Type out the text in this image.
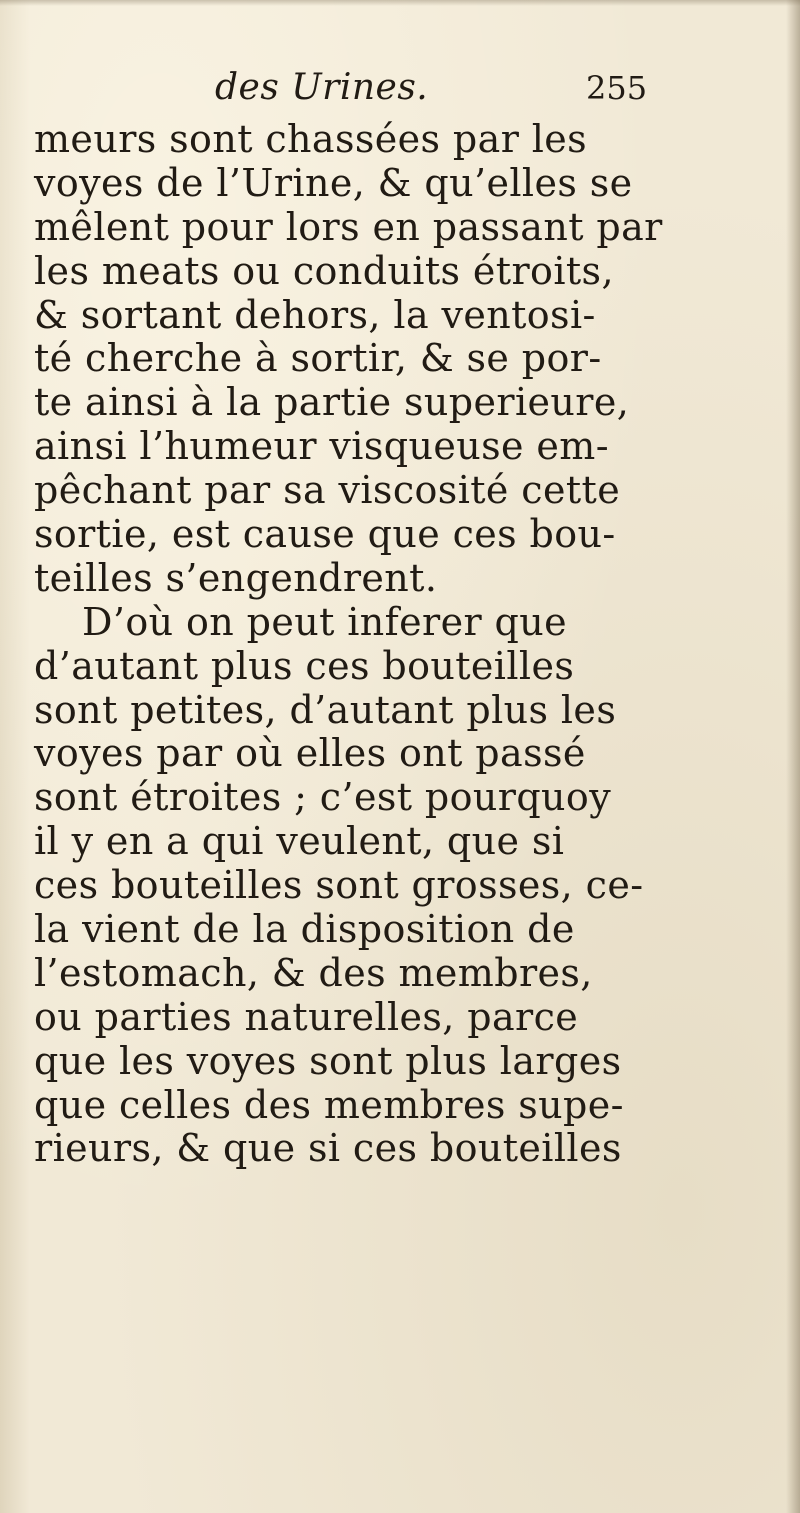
des Urines.	255
meurs sont chassées par les
voyes de l’Urine, & qu’elles se
mêlent pour lors en passant par
les meats ou conduits étroits,
& sortant dehors, la ventosi-
té cherche à sortir, & se por-
te ainsi à la partie superieure,
ainsi l’humeur visqueuse em-
pêchant par sa viscosité cette
sortie, est cause que ces bou-
teilles s’engendrent.
D’où on peut inferer que
d’autant plus ces bouteilles
sont petites, d’autant plus les
voyes par où elles ont passé
sont étroites ; c’est pourquoy
il y en a qui veulent, que si
ces bouteilles sont grosses, ce-
la vient de la disposition de
l’estomach, & des membres,
ou parties naturelles, parce
que les voyes sont plus larges
que celles des membres supe-
rieurs, & que si ces bouteilles
